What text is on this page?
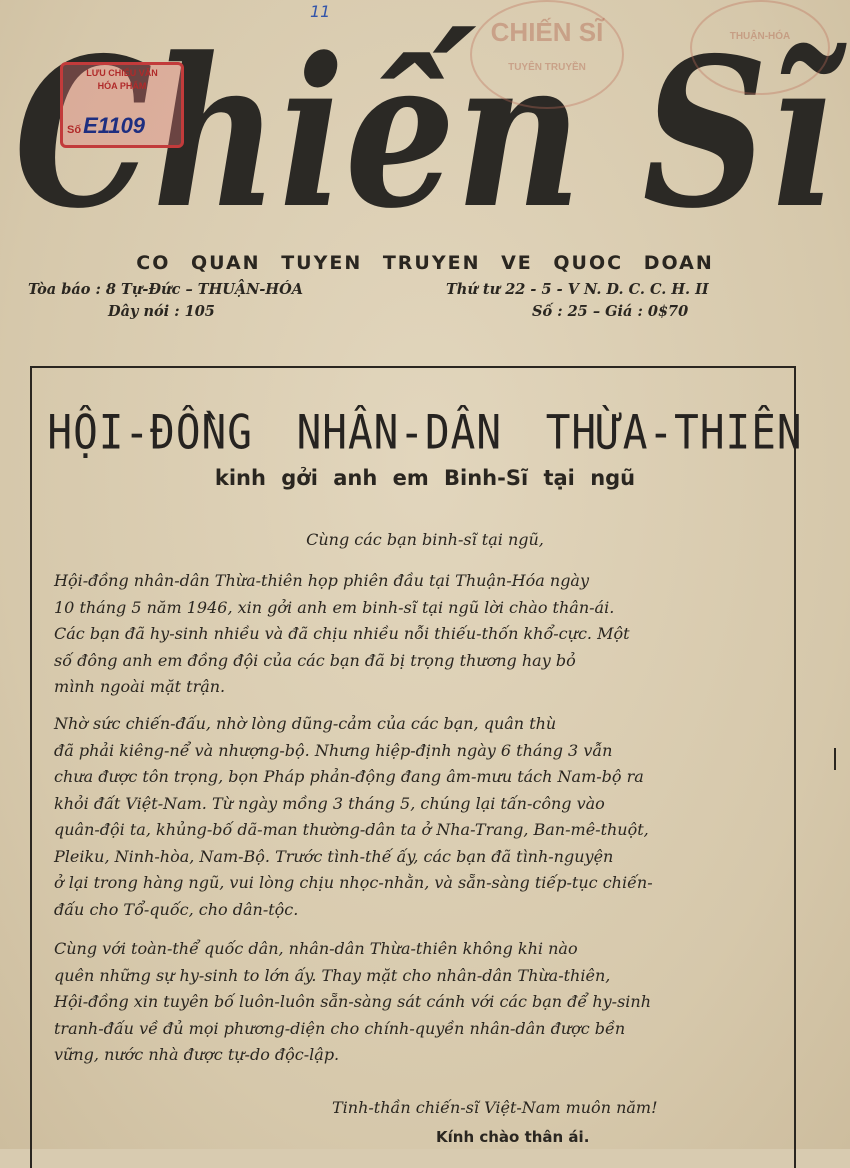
Chiến Sĩ
11
CHIẾN SĨ
TUYÊN TRUYỀN
THUẬN-HÓA
LƯU CHIỂU VĂN
HÓA PHẨM
SốE1109
CO QUAN TUYEN TRUYEN VE QUOC DOAN
Tòa báo : 8 Tự-Đức – THUẬN-HÓA
Dây nói : 105
Thứ tư 22 - 5 - V N. D. C. C. H. II
Số : 25 – Giá : 0$70
HỘI-ĐỒNG NHÂN-DÂN THỪA-THIÊN
kinh gởi anh em Binh-Sĩ tại ngũ
Cùng các bạn binh-sĩ tại ngũ,
Hội-đồng nhân-dân Thừa-thiên họp phiên đầu tại Thuận-Hóa ngày
10 tháng 5 năm 1946, xin gởi anh em binh-sĩ tại ngũ lời chào thân-ái.
Các bạn đã hy-sinh nhiều và đã chịu nhiều nỗi thiếu-thốn khổ-cực. Một
số đông anh em đồng đội của các bạn đã bị trọng thương hay bỏ
mình ngoài mặt trận.
Nhờ sức chiến-đấu, nhờ lòng dũng-cảm của các bạn, quân thù
đã phải kiêng-nể và nhượng-bộ. Nhưng hiệp-định ngày 6 tháng 3 vẫn
chưa được tôn trọng, bọn Pháp phản-động đang âm-mưu tách Nam-bộ ra
khỏi đất Việt-Nam. Từ ngày mồng 3 tháng 5, chúng lại tấn-công vào
quân-đội ta, khủng-bố dã-man thường-dân ta ở Nha-Trang, Ban-mê-thuột,
Pleiku, Ninh-hòa, Nam-Bộ. Trước tình-thế ấy, các bạn đã tình-nguyện
ở lại trong hàng ngũ, vui lòng chịu nhọc-nhằn, và sẵn-sàng tiếp-tục chiến-
đấu cho Tổ-quốc, cho dân-tộc.
Cùng với toàn-thể quốc dân, nhân-dân Thừa-thiên không khi nào
quên những sự hy-sinh to lớn ấy. Thay mặt cho nhân-dân Thừa-thiên,
Hội-đồng xin tuyên bố luôn-luôn sẵn-sàng sát cánh với các bạn để hy-sinh
tranh-đấu về đủ mọi phương-diện cho chính-quyền nhân-dân được bền
vững, nước nhà được tự-do độc-lập.
Tinh-thần chiến-sĩ Việt-Nam muôn năm!
Kính chào thân ái.
